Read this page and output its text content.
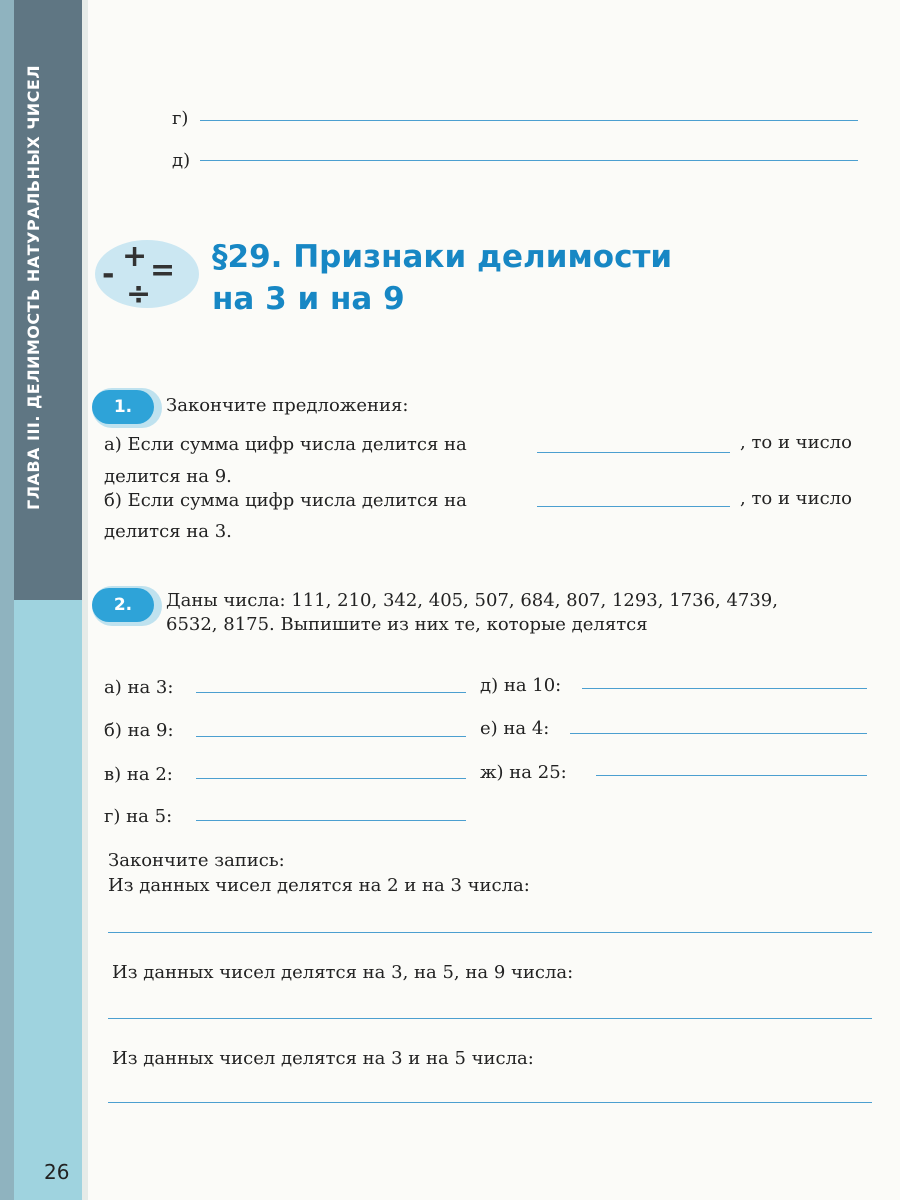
ГЛАВА III. ДЕЛИМОСТЬ НАТУРАЛЬНЫХ ЧИСЕЛ
26
г)
д)
-
+ =
÷
§29. Признаки делимости
на 3 и на 9
1.	Закончите предложения:
а) Если сумма цифр числа делится на	, то и число
делится на 9.
б) Если сумма цифр числа делится на	, то и число
делится на 3.
2.	Даны числа: 111, 210, 342, 405, 507, 684, 807, 1293, 1736, 4739,
6532, 8175. Выпишите из них те, которые делятся
а) на 3:
б) на 9:
в) на 2:
г) на 5:
д) на 10:
е) на 4:
ж) на 25:
Закончите запись:
Из данных чисел делятся на 2 и на 3 числа:
Из данных чисел делятся на 3, на 5, на 9 числа:
Из данных чисел делятся на 3 и на 5 числа:
